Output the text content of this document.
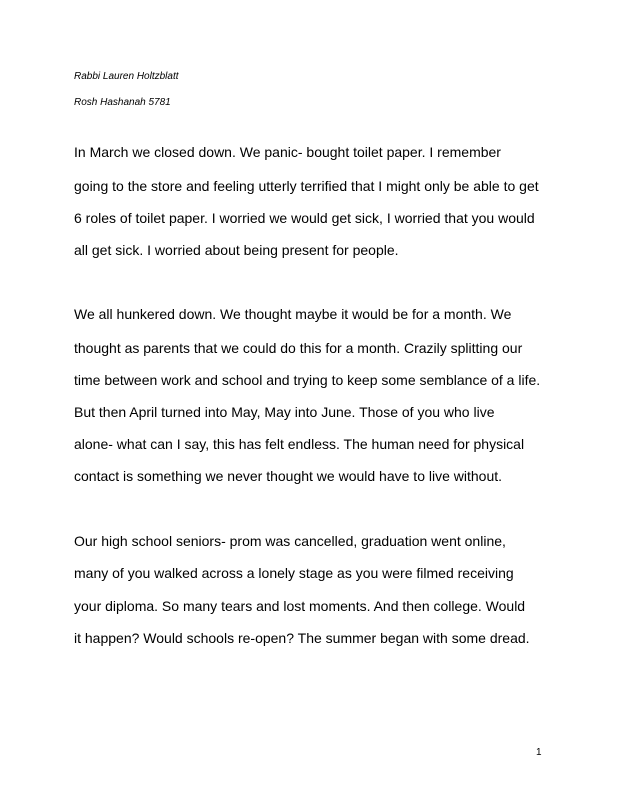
Rabbi Lauren Holtzblatt
Rosh Hashanah 5781
In March we closed down. We panic- bought toilet paper. I remember
going to the store and feeling utterly terrified that I might only be able to get
6 roles of toilet paper. I worried we would get sick, I worried that you would
all get sick. I worried about being present for people.
We all hunkered down. We thought maybe it would be for a month. We
thought as parents that we could do this for a month. Crazily splitting our
time between work and school and trying to keep some semblance of a life.
But then April turned into May, May into June. Those of you who live
alone- what can I say, this has felt endless. The human need for physical
contact is something we never thought we would have to live without.
Our high school seniors- prom was cancelled, graduation went online,
many of you walked across a lonely stage as you were filmed receiving
your diploma. So many tears and lost moments. And then college. Would
it happen? Would schools re-open? The summer began with some dread.
1
